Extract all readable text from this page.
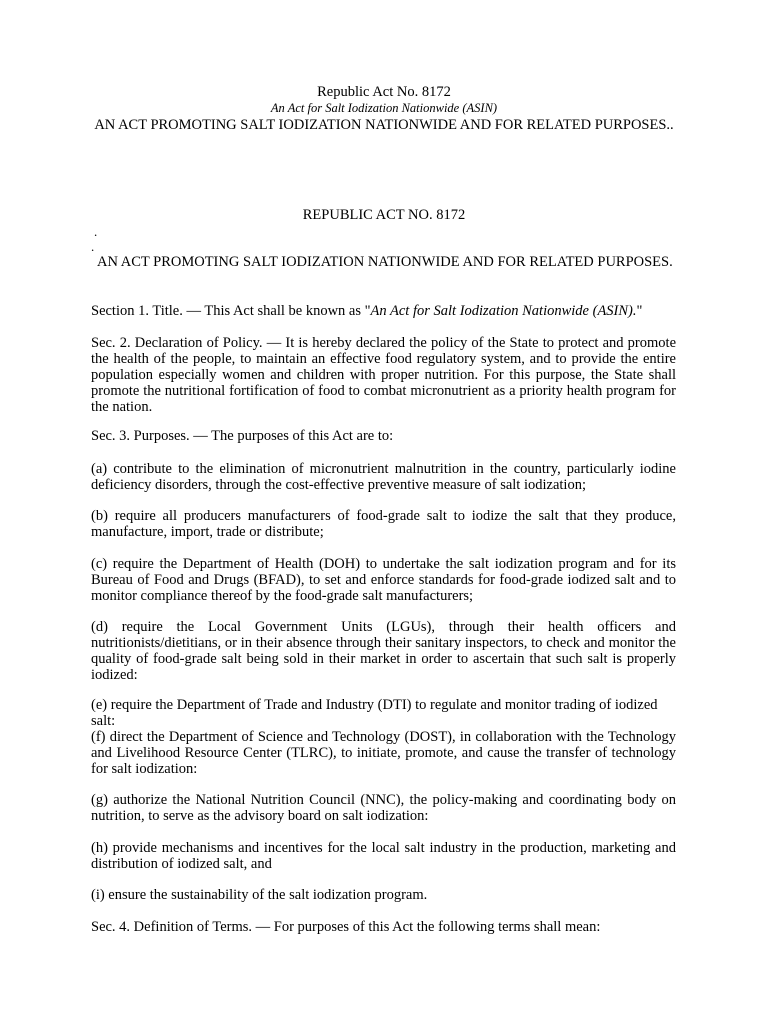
Republic Act No. 8172
An Act for Salt Iodization Nationwide (ASIN)
AN ACT PROMOTING SALT IODIZATION NATIONWIDE AND FOR RELATED PURPOSES..
REPUBLIC ACT NO. 8172
.
.
AN ACT PROMOTING SALT IODIZATION NATIONWIDE AND FOR RELATED PURPOSES.
Section 1. Title. — This Act shall be known as "An Act for Salt Iodization Nationwide (ASIN)."
Sec. 2. Declaration of Policy. — It is hereby declared the policy of the State to protect and promote the health of the people, to maintain an effective food regulatory system, and to provide the entire population especially women and children with proper nutrition. For this purpose, the State shall promote the nutritional fortification of food to combat micronutrient as a priority health program for the nation.
Sec. 3. Purposes. — The purposes of this Act are to:
(a) contribute to the elimination of micronutrient malnutrition in the country, particularly iodine deficiency disorders, through the cost-effective preventive measure of salt iodization;
(b) require all producers manufacturers of food-grade salt to iodize the salt that they produce, manufacture, import, trade or distribute;
(c) require the Department of Health (DOH) to undertake the salt iodization program and for its Bureau of Food and Drugs (BFAD), to set and enforce standards for food-grade iodized salt and to monitor compliance thereof by the food-grade salt manufacturers;
(d) require the Local Government Units (LGUs), through their health officers and nutritionists/dietitians, or in their absence through their sanitary inspectors, to check and monitor the quality of food-grade salt being sold in their market in order to ascertain that such salt is properly iodized:
(e) require the Department of Trade and Industry (DTI) to regulate and monitor trading of iodized salt:
(f) direct the Department of Science and Technology (DOST), in collaboration with the Technology and Livelihood Resource Center (TLRC), to initiate, promote, and cause the transfer of technology for salt iodization:
(g) authorize the National Nutrition Council (NNC), the policy-making and coordinating body on nutrition, to serve as the advisory board on salt iodization:
(h) provide mechanisms and incentives for the local salt industry in the production, marketing and distribution of iodized salt, and
(i) ensure the sustainability of the salt iodization program.
Sec. 4. Definition of Terms. — For purposes of this Act the following terms shall mean:
